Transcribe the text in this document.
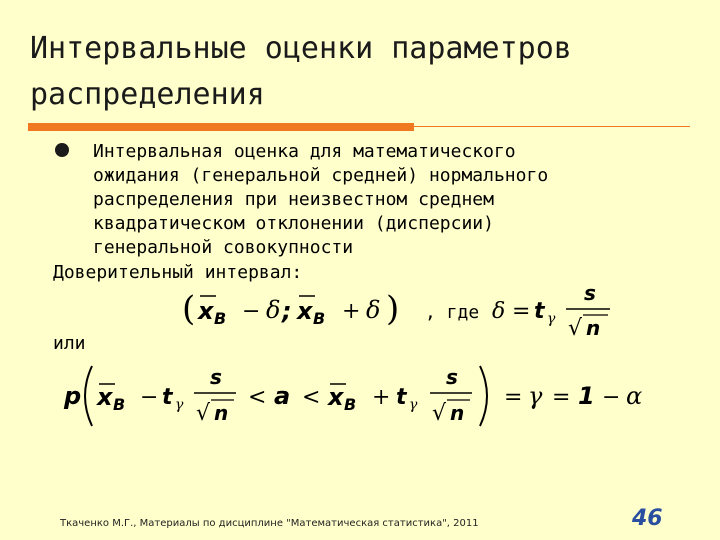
Интервальные оценки параметров
распределения
Интервальная оценка для математического
ожидания (генеральной средней) нормального
распределения при неизвестном среднем
квадратическом отклонении (дисперсии)
генеральной совокупности
Доверительный интервал:
( x B − δ ; x B + δ ) , где δ = t γ
s
√ n
или
p x B − t γ
s
√ n
< a < x B + t γ
s
√ n
= γ = 1 − α
Ткаченко М.Г., Материалы по дисциплине "Математическая статистика", 2011	46
